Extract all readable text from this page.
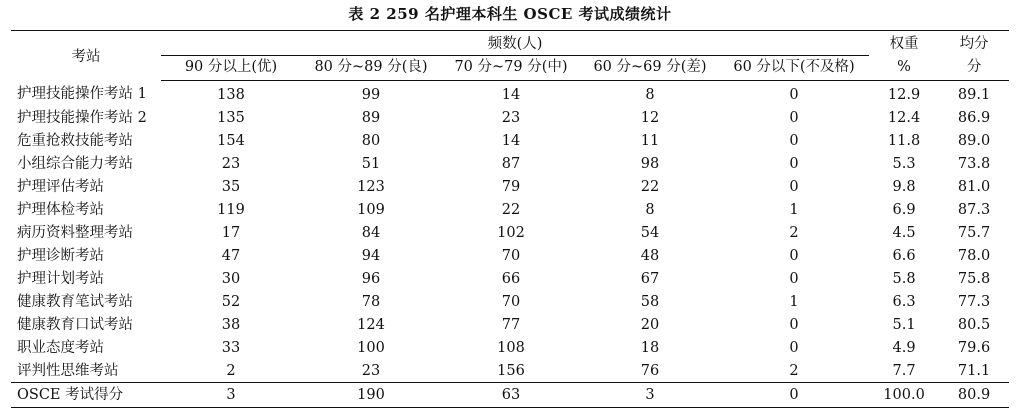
表 2 259 名护理本科生 OSCE 考试成绩统计
考站	频数(人)					权重	均分
	90 分以上(优)	80 分~89 分(良)	70 分~79 分(中)	60 分~69 分(差)	60 分以下(不及格)	%	分
护理技能操作考站 1	138	99	14	8	0	12.9	89.1
护理技能操作考站 2	135	89	23	12	0	12.4	86.9
危重抢救技能考站	154	80	14	11	0	11.8	89.0
小组综合能力考站	23	51	87	98	0	5.3	73.8
护理评估考站	35	123	79	22	0	9.8	81.0
护理体检考站	119	109	22	8	1	6.9	87.3
病历资料整理考站	17	84	102	54	2	4.5	75.7
护理诊断考站	47	94	70	48	0	6.6	78.0
护理计划考站	30	96	66	67	0	5.8	75.8
健康教育笔试考站	52	78	70	58	1	6.3	77.3
健康教育口试考站	38	124	77	20	0	5.1	80.5
职业态度考站	33	100	108	18	0	4.9	79.6
评判性思维考站	2	23	156	76	2	7.7	71.1
OSCE 考试得分	3	190	63	3	0	100.0	80.9
